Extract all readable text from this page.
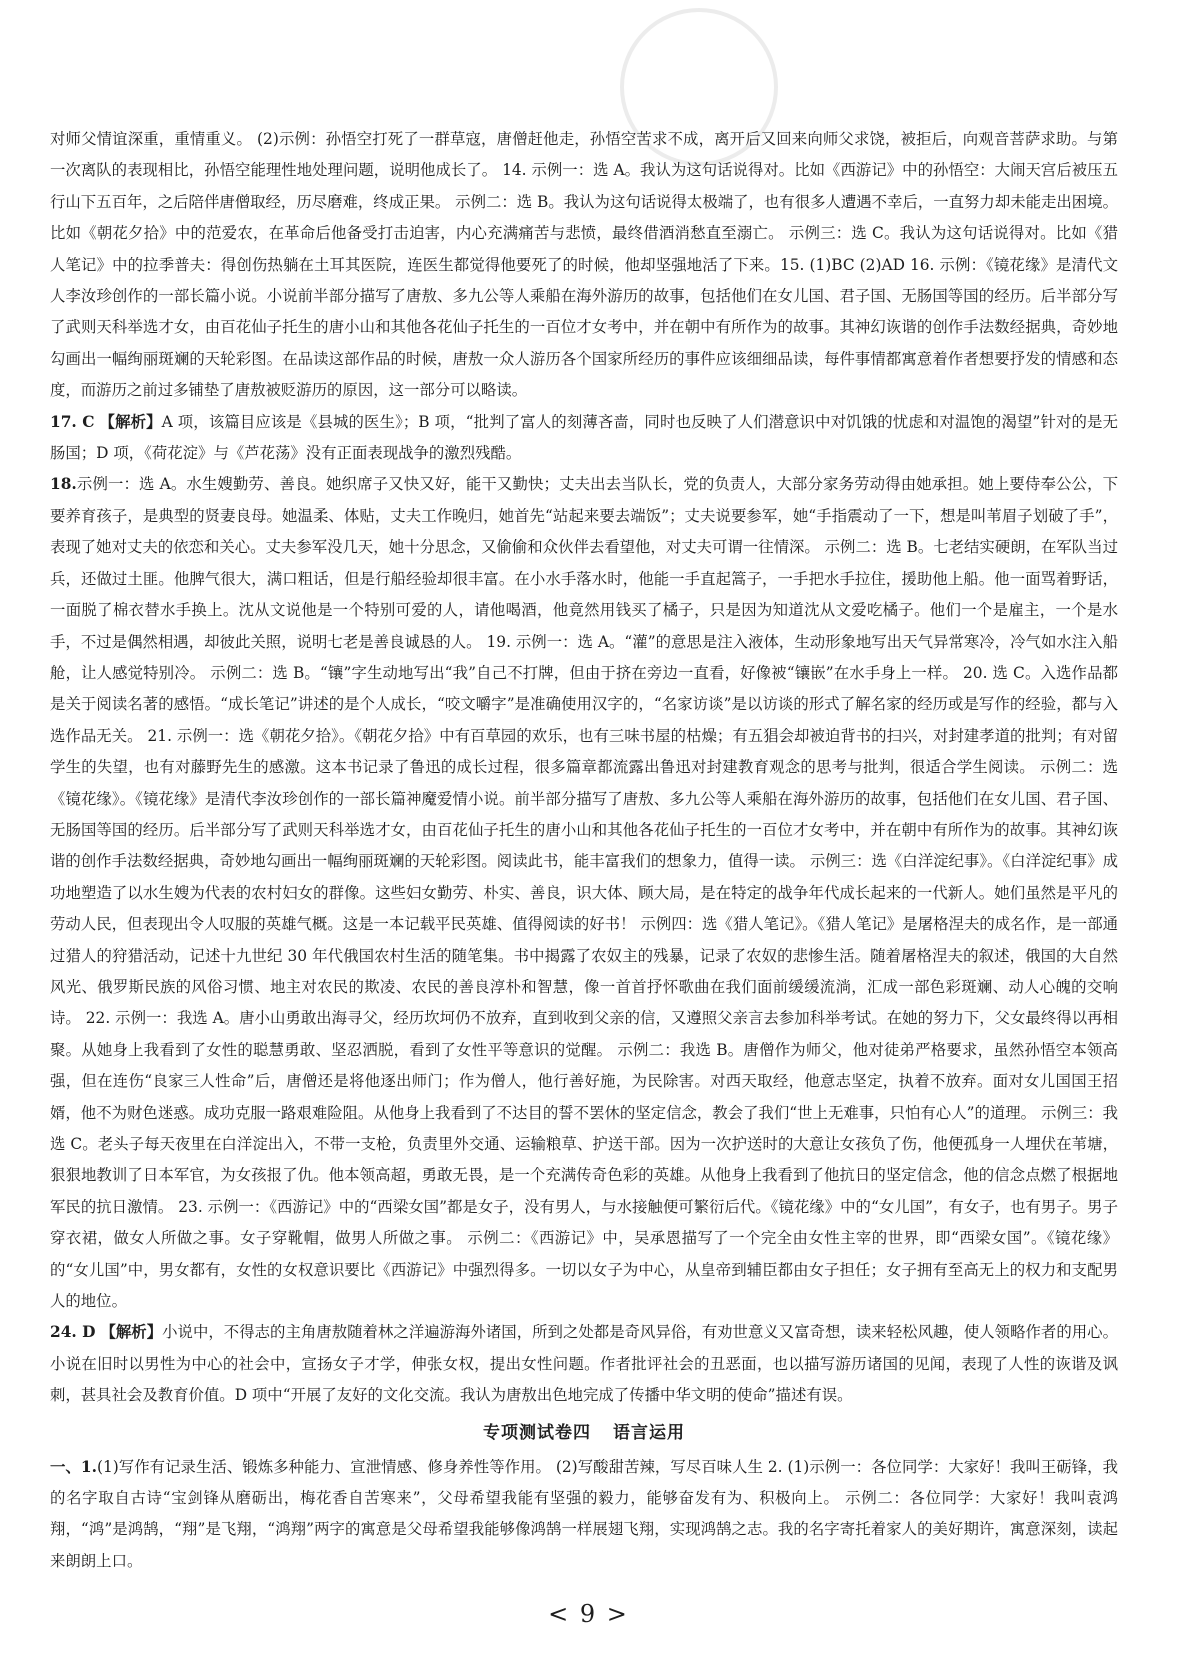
对师父情谊深重，重情重义。 (2)示例：孙悟空打死了一群草寇，唐僧赶他走，孙悟空苦求不成，离开后又回来向师父求饶，被拒后，向观音菩萨求助。与第一次离队的表现相比，孙悟空能理性地处理问题，说明他成长了。 14. 示例一：选 A。我认为这句话说得对。比如《西游记》中的孙悟空：大闹天宫后被压五行山下五百年，之后陪伴唐僧取经，历尽磨难，终成正果。 示例二：选 B。我认为这句话说得太极端了，也有很多人遭遇不幸后，一直努力却未能走出困境。比如《朝花夕拾》中的范爱农，在革命后他备受打击迫害，内心充满痛苦与悲愤，最终借酒消愁直至溺亡。 示例三：选 C。我认为这句话说得对。比如《猎人笔记》中的拉季普夫：得创伤热躺在土耳其医院，连医生都觉得他要死了的时候，他却坚强地活了下来。15. (1)BC (2)AD 16. 示例：《镜花缘》是清代文人李汝珍创作的一部长篇小说。小说前半部分描写了唐敖、多九公等人乘船在海外游历的故事，包括他们在女儿国、君子国、无肠国等国的经历。后半部分写了武则天科举选才女，由百花仙子托生的唐小山和其他各花仙子托生的一百位才女考中，并在朝中有所作为的故事。其神幻诙谐的创作手法数经据典，奇妙地勾画出一幅绚丽斑斓的天轮彩图。在品读这部作品的时候，唐敖一众人游历各个国家所经历的事件应该细细品读，每件事情都寓意着作者想要抒发的情感和态度，而游历之前过多铺垫了唐敖被贬游历的原因，这一部分可以略读。

17. C 【解析】A 项，该篇目应该是《县城的医生》；B 项，“批判了富人的刻薄吝啬，同时也反映了人们潜意识中对饥饿的忧虑和对温饱的渴望”针对的是无肠国；D 项，《荷花淀》与《芦花荡》没有正面表现战争的激烈残酷。

18.示例一：选 A。水生嫂勤劳、善良。她织席子又快又好，能干又勤快；丈夫出去当队长，党的负责人，大部分家务劳动得由她承担。她上要侍奉公公，下要养育孩子，是典型的贤妻良母。她温柔、体贴，丈夫工作晚归，她首先“站起来要去端饭”；丈夫说要参军，她“手指震动了一下，想是叫苇眉子划破了手”，表现了她对丈夫的依恋和关心。丈夫参军没几天，她十分思念，又偷偷和众伙伴去看望他，对丈夫可谓一往情深。 示例二：选 B。七老结实硬朗，在军队当过兵，还做过土匪。他脾气很大，满口粗话，但是行船经验却很丰富。在小水手落水时，他能一手直起篙子，一手把水手拉住，援助他上船。他一面骂着野话，一面脱了棉衣替水手换上。沈从文说他是一个特别可爱的人，请他喝酒，他竟然用钱买了橘子，只是因为知道沈从文爱吃橘子。他们一个是雇主，一个是水手，不过是偶然相遇，却彼此关照，说明七老是善良诚恳的人。 19. 示例一：选 A。“灌”的意思是注入液体，生动形象地写出天气异常寒冷，冷气如水注入船舱，让人感觉特别冷。 示例二：选 B。“镶”字生动地写出“我”自己不打牌，但由于挤在旁边一直看，好像被“镶嵌”在水手身上一样。 20. 选 C。入选作品都是关于阅读名著的感悟。“成长笔记”讲述的是个人成长，“咬文嚼字”是准确使用汉字的，“名家访谈”是以访谈的形式了解名家的经历或是写作的经验，都与入选作品无关。 21. 示例一：选《朝花夕拾》。《朝花夕拾》中有百草园的欢乐，也有三味书屋的枯燥；有五猖会却被迫背书的扫兴，对封建孝道的批判；有对留学生的失望，也有对藤野先生的感激。这本书记录了鲁迅的成长过程，很多篇章都流露出鲁迅对封建教育观念的思考与批判，很适合学生阅读。 示例二：选《镜花缘》。《镜花缘》是清代李汝珍创作的一部长篇神魔爱情小说。前半部分描写了唐敖、多九公等人乘船在海外游历的故事，包括他们在女儿国、君子国、无肠国等国的经历。后半部分写了武则天科举选才女，由百花仙子托生的唐小山和其他各花仙子托生的一百位才女考中，并在朝中有所作为的故事。其神幻诙谐的创作手法数经据典，奇妙地勾画出一幅绚丽斑斓的天轮彩图。阅读此书，能丰富我们的想象力，值得一读。 示例三：选《白洋淀纪事》。《白洋淀纪事》成功地塑造了以水生嫂为代表的农村妇女的群像。这些妇女勤劳、朴实、善良，识大体、顾大局，是在特定的战争年代成长起来的一代新人。她们虽然是平凡的劳动人民，但表现出令人叹服的英雄气概。这是一本记载平民英雄、值得阅读的好书！ 示例四：选《猎人笔记》。《猎人笔记》是屠格涅夫的成名作，是一部通过猎人的狩猎活动，记述十九世纪 30 年代俄国农村生活的随笔集。书中揭露了农奴主的残暴，记录了农奴的悲惨生活。随着屠格涅夫的叙述，俄国的大自然风光、俄罗斯民族的风俗习惯、地主对农民的欺凌、农民的善良淳朴和智慧，像一首首抒怀歌曲在我们面前缓缓流淌，汇成一部色彩斑斓、动人心魄的交响诗。 22. 示例一：我选 A。唐小山勇敢出海寻父，经历坎坷仍不放弃，直到收到父亲的信，又遵照父亲言去参加科举考试。在她的努力下，父女最终得以再相聚。从她身上我看到了女性的聪慧勇敢、坚忍洒脱，看到了女性平等意识的觉醒。 示例二：我选 B。唐僧作为师父，他对徒弟严格要求，虽然孙悟空本领高强，但在连伤“良家三人性命”后，唐僧还是将他逐出师门；作为僧人，他行善好施，为民除害。对西天取经，他意志坚定，执着不放弃。面对女儿国国王招婿，他不为财色迷惑。成功克服一路艰难险阻。从他身上我看到了不达目的誓不罢休的坚定信念，教会了我们“世上无难事，只怕有心人”的道理。 示例三：我选 C。老头子每天夜里在白洋淀出入，不带一支枪，负责里外交通、运输粮草、护送干部。因为一次护送时的大意让女孩负了伤，他便孤身一人埋伏在苇塘，狠狠地教训了日本军官，为女孩报了仇。他本领高超，勇敢无畏，是一个充满传奇色彩的英雄。从他身上我看到了他抗日的坚定信念，他的信念点燃了根据地军民的抗日激情。 23. 示例一：《西游记》中的“西梁女国”都是女子，没有男人，与水接触便可繁衍后代。《镜花缘》中的“女儿国”，有女子，也有男子。男子穿衣裙，做女人所做之事。女子穿靴帽，做男人所做之事。 示例二：《西游记》中，吴承恩描写了一个完全由女性主宰的世界，即“西梁女国”。《镜花缘》的“女儿国”中，男女都有，女性的女权意识要比《西游记》中强烈得多。一切以女子为中心，从皇帝到辅臣都由女子担任；女子拥有至高无上的权力和支配男人的地位。

24. D 【解析】小说中，不得志的主角唐敖随着林之洋遍游海外诸国，所到之处都是奇风异俗，有劝世意义又富奇想，读来轻松风趣，使人领略作者的用心。小说在旧时以男性为中心的社会中，宣扬女子才学，伸张女权，提出女性问题。作者批评社会的丑恶面，也以描写游历诸国的见闻，表现了人性的诙谐及讽刺，甚具社会及教育价值。D 项中“开展了友好的文化交流。我认为唐敖出色地完成了传播中华文明的使命”描述有误。

专项测试卷四 语言运用

一、1.(1)写作有记录生活、锻炼多种能力、宣泄情感、修身养性等作用。 (2)写酸甜苦辣，写尽百味人生 2. (1)示例一：各位同学：大家好！我叫王砺锋，我的名字取自古诗“宝剑锋从磨砺出，梅花香自苦寒来”，父母希望我能有坚强的毅力，能够奋发有为、积极向上。 示例二：各位同学：大家好！我叫袁鸿翔，“鸿”是鸿鹄，“翔”是飞翔，“鸿翔”两字的寓意是父母希望我能够像鸿鹄一样展翅飞翔，实现鸿鹄之志。我的名字寄托着家人的美好期许，寓意深刻，读起来朗朗上口。

< 9 >
